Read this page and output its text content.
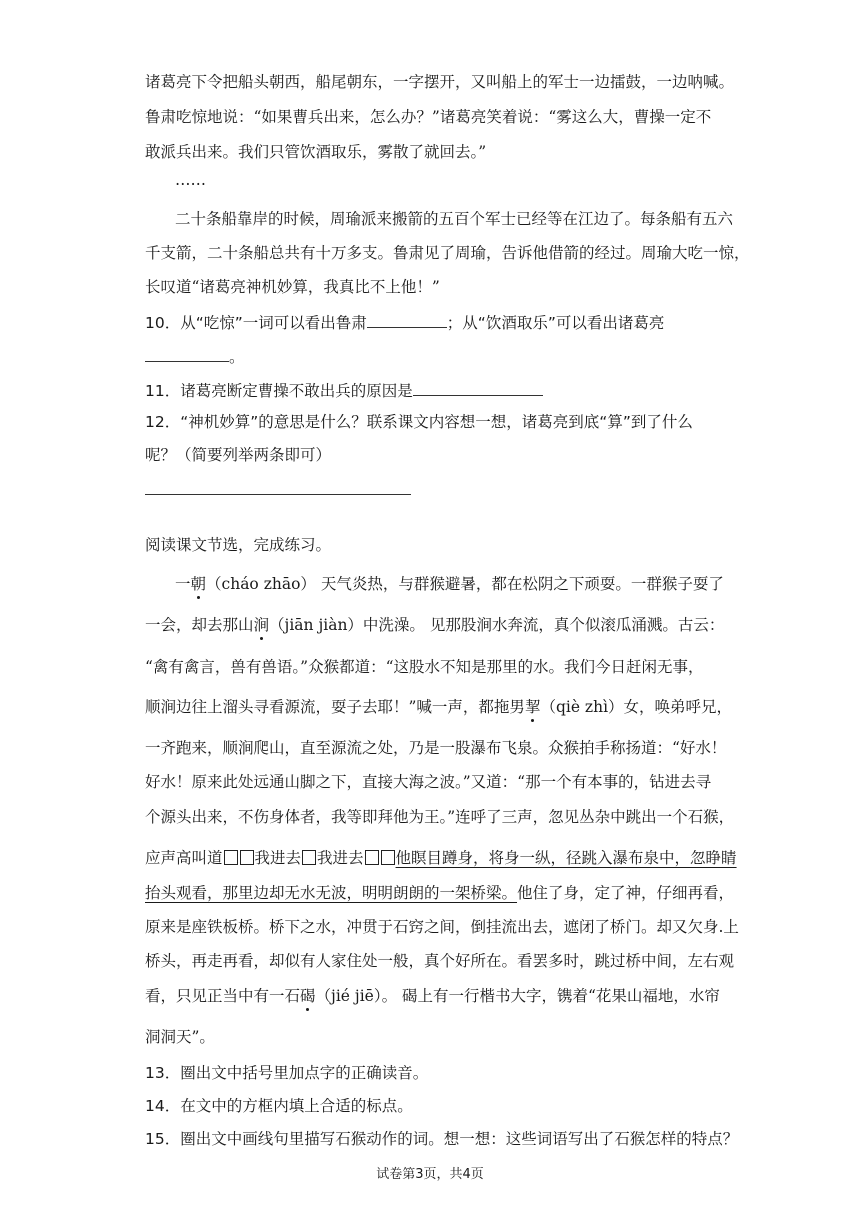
诸葛亮下令把船头朝西，船尾朝东，一字摆开，又叫船上的军士一边擂鼓，一边呐喊。
鲁肃吃惊地说：“如果曹兵出来，怎么办？”诸葛亮笑着说：“雾这么大，曹操一定不
敢派兵出来。我们只管饮酒取乐，雾散了就回去。”
……
二十条船靠岸的时候，周瑜派来搬箭的五百个军士已经等在江边了。每条船有五六
千支箭，二十条船总共有十万多支。鲁肃见了周瑜，告诉他借箭的经过。周瑜大吃一惊，
长叹道“诸葛亮神机妙算，我真比不上他！”
10．从“吃惊”一词可以看出鲁肃	；从“饮酒取乐”可以看出诸葛亮
。
11．诸葛亮断定曹操不敢出兵的原因是
12．“神机妙算”的意思是什么？联系课文内容想一想，诸葛亮到底“算”到了什么
呢？（简要列举两条即可）
阅读课文节选，完成练习。
一朝（cháo zhāo） 天气炎热，与群猴避暑，都在松阴之下顽耍。一群猴子耍了
一会，却去那山涧（jiān jiàn）中洗澡。 见那股涧水奔流，真个似滚瓜涌溅。古云：
“禽有禽言，兽有兽语。”众猴都道：“这股水不知是那里的水。我们今日赶闲无事，
顺涧边往上溜头寻看源流，耍子去耶！”喊一声，都拖男挈（qiè zhì）女，唤弟呼兄，
一齐跑来，顺涧爬山，直至源流之处，乃是一股瀑布飞泉。众猴拍手称扬道：“好水！
好水！原来此处远通山脚之下，直接大海之波。”又道：“那一个有本事的，钻进去寻
个源头出来，不伤身体者，我等即拜他为王。”连呼了三声，忽见丛杂中跳出一个石猴，
应声高叫道 我进去 我进去 他瞑目蹲身，将身一纵，径跳入瀑布泉中，忽睁睛
抬头观看，那里边却无水无波，明明朗朗的一架桥梁。他住了身，定了神，仔细再看，
原来是座铁板桥。桥下之水，冲贯于石窍之间，倒挂流出去，遮闭了桥门。却又欠身.上
桥头，再走再看，却似有人家住处一般，真个好所在。看罢多时，跳过桥中间，左右观
看，只见正当中有一石碣（jié jiē）。 碣上有一行楷书大字，镌着“花果山福地，水帘
洞洞天”。
13．圈出文中括号里加点字的正确读音。
14．在文中的方框内填上合适的标点。
15．圈出文中画线句里描写石猴动作的词。想一想：这些词语写出了石猴怎样的特点？
试卷第3页，共4页
